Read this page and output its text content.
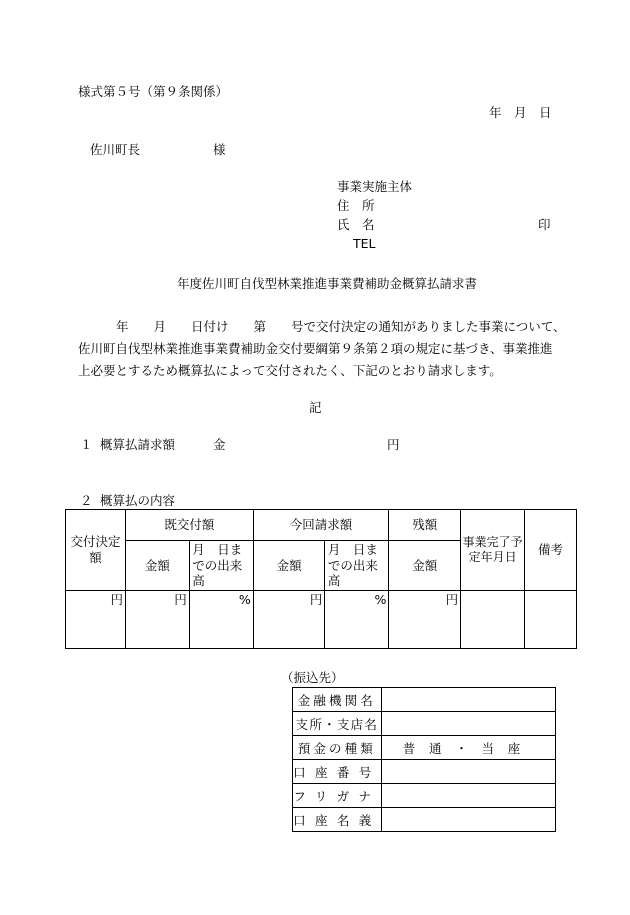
様式第５号（第９条関係）
年　月　日
佐川町長	様
事業実施主体
住　所
氏　名	印
TEL
年度佐川町自伐型林業推進事業費補助金概算払請求書
年　　月　　日付け　　第　　号で交付決定の通知がありました事業について、
佐川町自伐型林業推進事業費補助金交付要綱第９条第２項の規定に基づき、事業推進
上必要とするため概算払によって交付されたく、下記のとおり請求します。
記
１ 概算払請求額	金	円
２ 概算払の内容
交付決定額	既交付額		今回請求額		残額	事業完了予定年月日	備考
	金額	月　日までの出来高	金額	月　日までの出来高	金額		
円	円	%	円	%	円		
（振込先）
金融機関名	
支所・支店名	
預金の種類	普通・当座
口座番号	
フリガナ	
口座名義	
